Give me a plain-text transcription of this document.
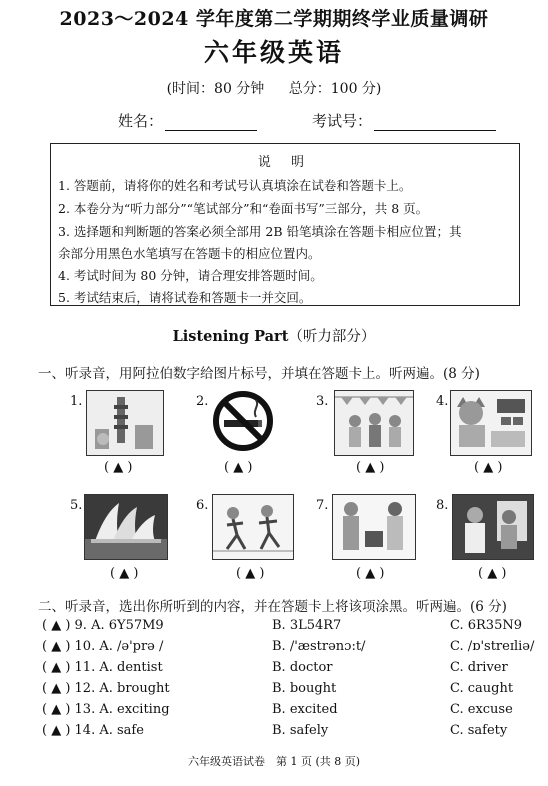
2023～2024 学年度第二学期期终学业质量调研
六年级英语
(时间：80 分钟 总分：100 分)
姓名：	考试号：
说 明
1. 答题前，请将你的姓名和考试号认真填涂在试卷和答题卡上。
2. 本卷分为“听力部分”“笔试部分”和“卷面书写”三部分，共 8 页。
3. 选择题和判断题的答案必须全部用 2B 铅笔填涂在答题卡相应位置；其
余部分用黑色水笔填写在答题卡的相应位置内。
4. 考试时间为 80 分钟，请合理安排答题时间。
5. 考试结束后，请将试卷和答题卡一并交回。
Listening Part（听力部分）
一、听录音，用阿拉伯数字给图片标号，并填在答题卡上。听两遍。(8 分)
1.
( ▲ )
2.
( ▲ )
3.
( ▲ )
4.
( ▲ )
5.
( ▲ )
6.
( ▲ )
7.
( ▲ )
8.
( ▲ )
二、听录音，选出你所听到的内容，并在答题卡上将该项涂黑。听两遍。(6 分)
( ▲ ) 9. A. 6Y57M9	B. 3L54R7	C. 6R35N9
( ▲ ) 10. A. /ə'prə /	B. /'æstrənɔ:t/	C. /ɒ'streɪliə/
( ▲ ) 11. A. dentist	B. doctor	C. driver
( ▲ ) 12. A. brought	B. bought	C. caught
( ▲ ) 13. A. exciting	B. excited	C. excuse
( ▲ ) 14. A. safe	B. safely	C. safety
六年级英语试卷　第 1 页 (共 8 页)
